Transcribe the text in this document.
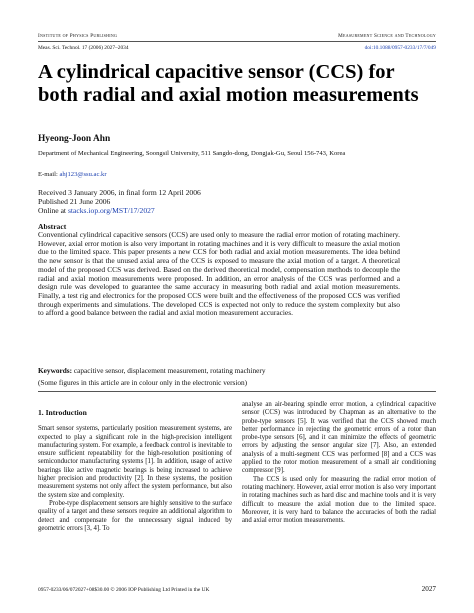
Institute of Physics Publishing	Measurement Science and Technology
Meas. Sci. Technol. 17 (2006) 2027–2034	doi:10.1088/0957-0233/17/7/049
A cylindrical capacitive sensor (CCS) for both radial and axial motion measurements
Hyeong-Joon Ahn
Department of Mechanical Engineering, Soongsil University, 511 Sangdo-dong, Dongjak-Gu, Seoul 156-743, Korea
E-mail: ahj123@ssu.ac.kr
Received 3 January 2006, in final form 12 April 2006
Published 21 June 2006
Online at stacks.iop.org/MST/17/2027
Abstract
Conventional cylindrical capacitive sensors (CCS) are used only to measure the radial error motion of rotating machinery. However, axial error motion is also very important in rotating machines and it is very difficult to measure the axial motion due to the limited space. This paper presents a new CCS for both radial and axial motion measurements. The idea behind the new sensor is that the unused axial area of the CCS is exposed to measure the axial motion of a target. A theoretical model of the proposed CCS was derived. Based on the derived theoretical model, compensation methods to decouple the radial and axial motion measurements were proposed. In addition, an error analysis of the CCS was performed and a design rule was developed to guarantee the same accuracy in measuring both radial and axial motion measurements. Finally, a test rig and electronics for the proposed CCS were built and the effectiveness of the proposed CCS was verified through experiments and simulations. The developed CCS is expected not only to reduce the system complexity but also to afford a good balance between the radial and axial motion measurement accuracies.
Keywords: capacitive sensor, displacement measurement, rotating machinery
(Some figures in this article are in colour only in the electronic version)
1. Introduction

Smart sensor systems, particularly position measurement systems, are expected to play a significant role in the high-precision intelligent manufacturing system. For example, a feedback control is inevitable to ensure sufficient repeatability for the high-resolution positioning of semiconductor manufacturing systems [1]. In addition, usage of active bearings like active magnetic bearings is being increased to achieve higher precision and productivity [2]. In these systems, the position measurement systems not only affect the system performance, but also the system size and complexity.

Probe-type displacement sensors are highly sensitive to the surface quality of a target and these sensors require an additional algorithm to detect and compensate for the unnecessary signal induced by geometric errors [3, 4]. To

analyse an air-bearing spindle error motion, a cylindrical capacitive sensor (CCS) was introduced by Chapman as an alternative to the probe-type sensors [5]. It was verified that the CCS showed much better performance in rejecting the geometric errors of a rotor than probe-type sensors [6], and it can minimize the effects of geometric errors by adjusting the sensor angular size [7]. Also, an extended analysis of a multi-segment CCS was performed [8] and a CCS was applied to the rotor motion measurement of a small air conditioning compressor [9].

The CCS is used only for measuring the radial error motion of rotating machinery. However, axial error motion is also very important in rotating machines such as hard disc and machine tools and it is very difficult to measure the axial motion due to the limited space. Moreover, it is very hard to balance the accuracies of both the radial and axial error motion measurements.

0957-0233/06/072027+08$30.00 © 2006 IOP Publishing Ltd Printed in the UK	2027
